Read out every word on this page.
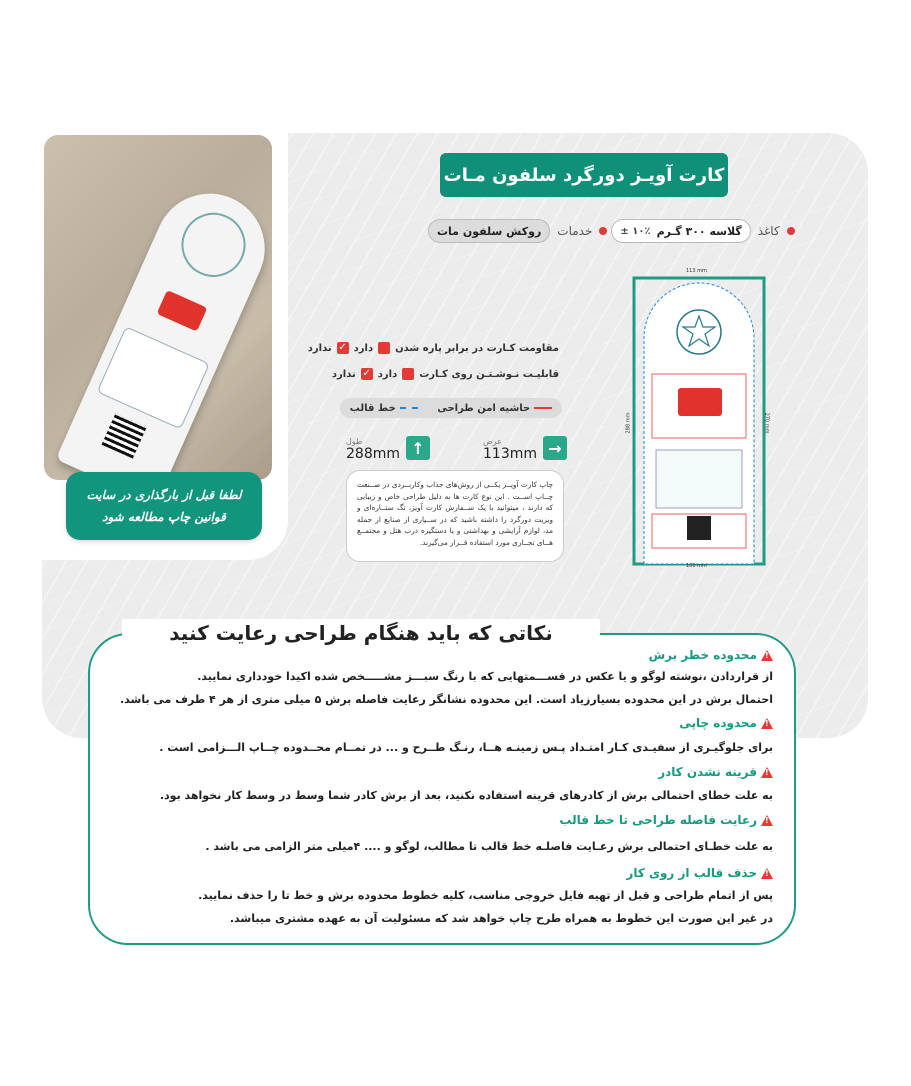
لطفا قبل از بارگذاری در سایت
قوانین چاپ مطالعه شود
کارت آویـز دورگرد سلفون مـات
کاغذ
گلاسه ۳۰۰ گـرم
۱۰٪ ±
خدمات
روکش سلفون مات
مقاومت کـارت در برابر پاره شدن
دارد
✓
ندارد
قابلیـت نـوشـتـن روی کـارت
دارد
✓
ندارد
حاشیه امن طراحی
خط قالب
طول
288mm ↑	عرض
113mm →
چاپ کارت آویــز یکــی از روش‌های جذاب وکاربــردی در صــنعت چــاپ اســت . این نوع کارت ها به دلیل طراحی خاص و زیبایی که دارند ، میتوانید با یک ســفارش کارت آویز، تگ ستــاره‌ای و ویزیت دورگرد را داشته باشید که در ســیاری از صنایع از جمله مد، لوازم آرایشی و بهداشتی و یا دستگیره درب هتل و مجتمــع هــای تجــاری مورد استفاده قــرار می‌گیرند.
113 mm
100 mm
288 mm	270 mm
نکاتی که باید هنگام طراحی رعایت کنید
!
محدوده خطر برش
از قراردادن ،نوشته لوگو و یا عکس در قســـمتهایی که با رنگ سبـــز مشـــــخص شده اکیدا خودداری نمایید.
احتمال برش در این محدوده بسیارزیاد است. این محدوده نشانگر رعایت فاصله برش ۵ میلی متری از هر ۴ طرف می باشد.
!
محدوده چاپی
برای جلوگیـری از سفیـدی کـار امتـداد پـس زمینـه هــا، رنـگ طــرح و ... در تمــام محــدوده چــاپ الـــزامی است .
!
قرینه نشدن کادر
به علت خطای احتمالی برش از کادرهای قرینه استفاده نکنید، بعد از برش کادر شما وسط در وسط کار نخواهد بود.
!
رعایت فاصله طراحی تا خط قالب
به علت خطـای احتمالی برش رعـایت فاصلـه خط قالب تا مطالب، لوگو و .... ۴میلی متر الزامی می باشد .
!
حذف قالب از روی کار
پس از اتمام طراحی و قبل از تهیه فایل خروجی مناسب، کلیه خطوط محدوده برش و خط تا را حذف نمایید.
در غیر این صورت این خطوط به همراه طرح چاپ خواهد شد که مسئولیت آن به عهده مشتری میباشد.
